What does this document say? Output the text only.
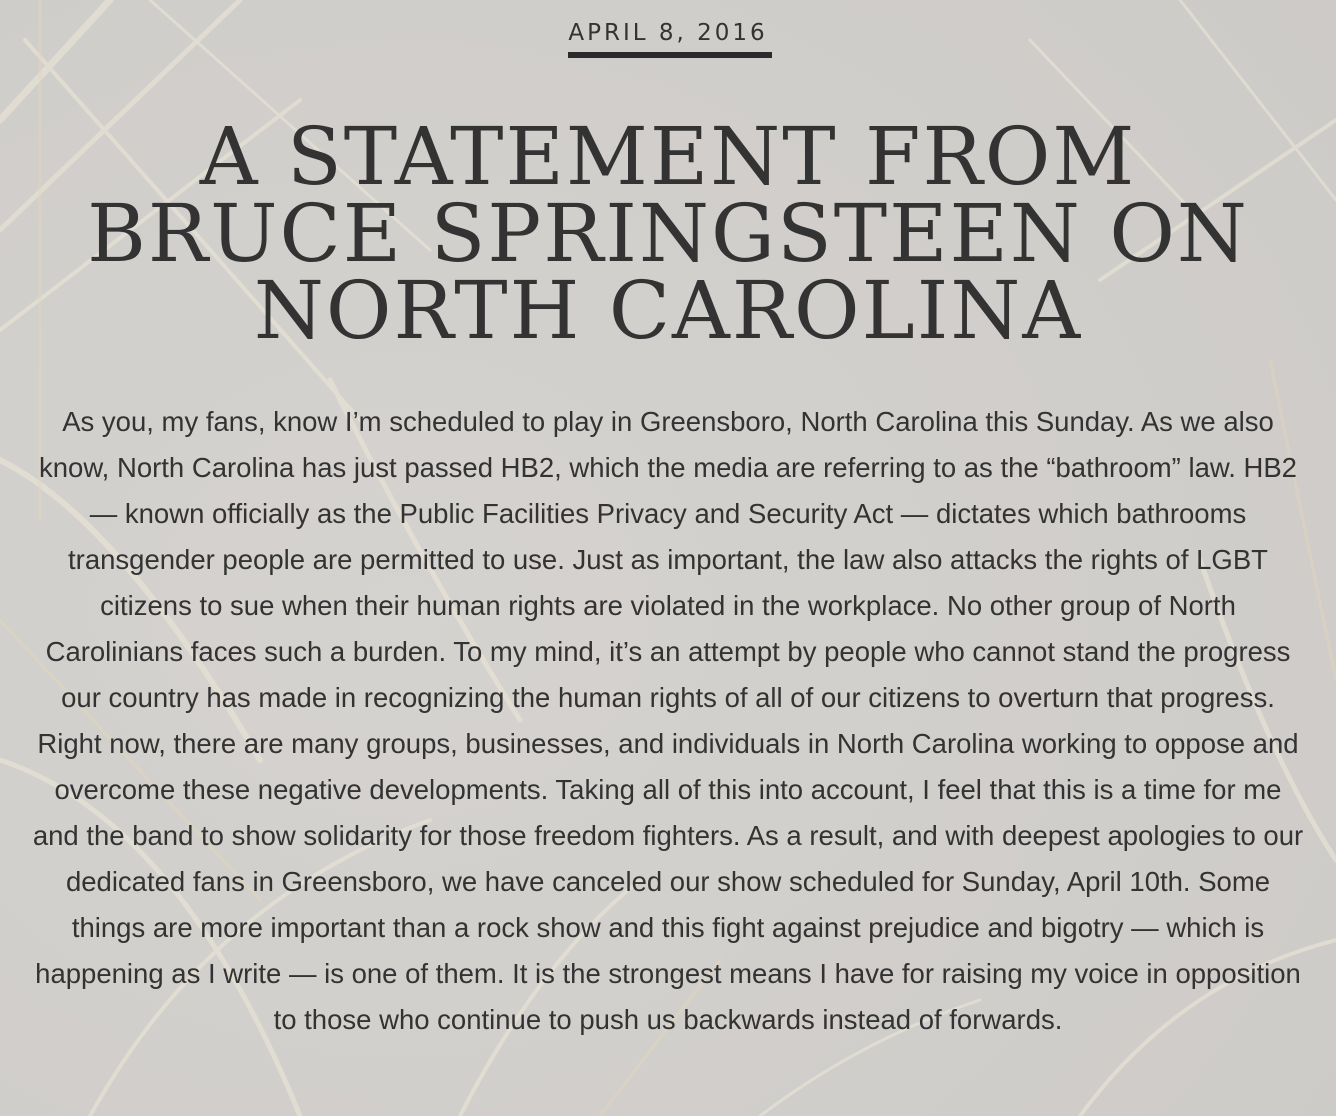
APRIL 8, 2016
A STATEMENT FROM BRUCE SPRINGSTEEN ON NORTH CAROLINA

As you, my fans, know I’m scheduled to play in Greensboro, North Carolina this Sunday. As we also know, North Carolina has just passed HB2, which the media are referring to as the “bathroom” law. HB2 — known officially as the Public Facilities Privacy and Security Act — dictates which bathrooms transgender people are permitted to use. Just as important, the law also attacks the rights of LGBT citizens to sue when their human rights are violated in the workplace. No other group of North Carolinians faces such a burden. To my mind, it’s an attempt by people who cannot stand the progress our country has made in recognizing the human rights of all of our citizens to overturn that progress. Right now, there are many groups, businesses, and individuals in North Carolina working to oppose and overcome these negative developments. Taking all of this into account, I feel that this is a time for me and the band to show solidarity for those freedom fighters. As a result, and with deepest apologies to our dedicated fans in Greensboro, we have canceled our show scheduled for Sunday, April 10th. Some things are more important than a rock show and this fight against prejudice and bigotry — which is happening as I write — is one of them. It is the strongest means I have for raising my voice in opposition to those who continue to push us backwards instead of forwards.
